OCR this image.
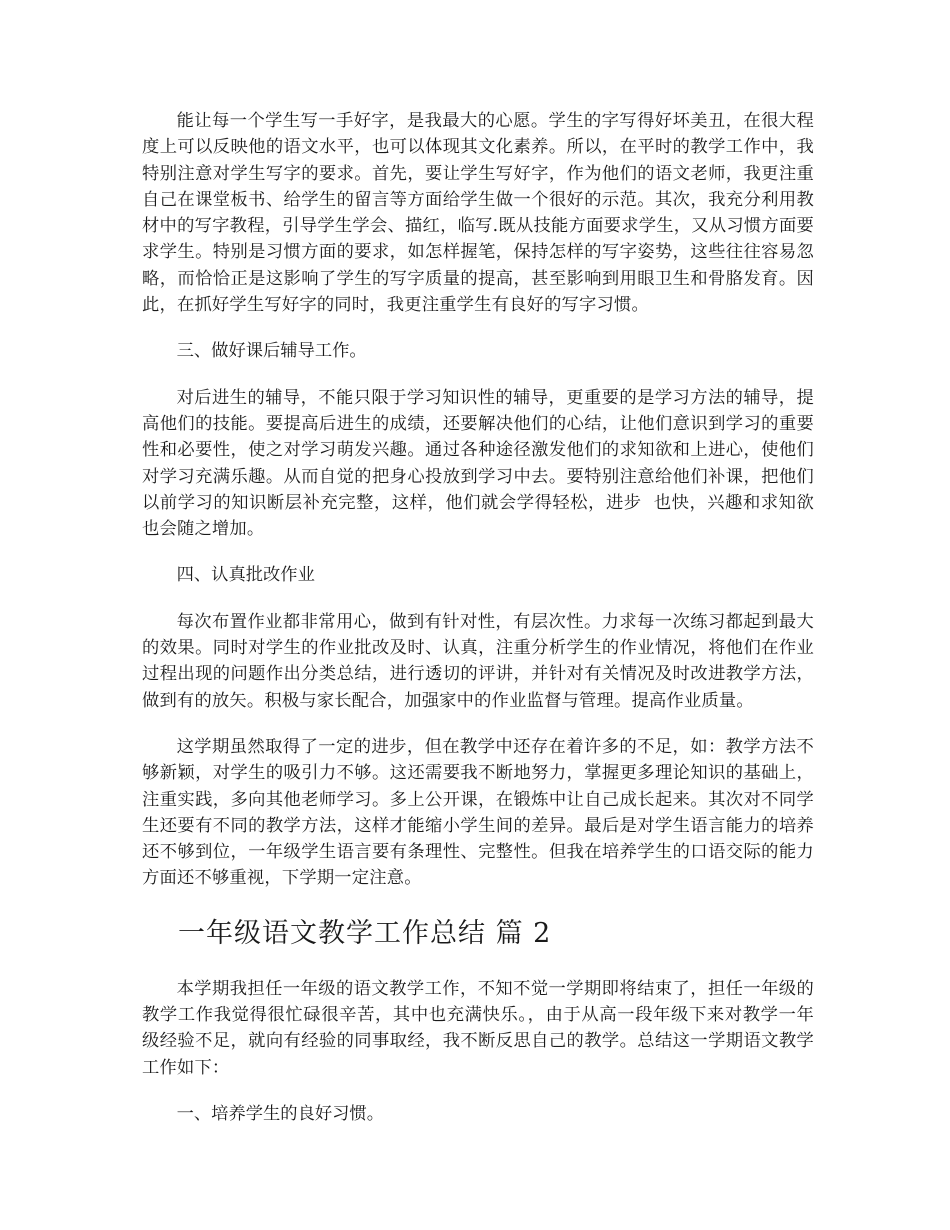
能让每一个学生写一手好字，是我最大的心愿。学生的字写得好坏美丑，在很大程度上可以反映他的语文水平，也可以体现其文化素养。所以，在平时的教学工作中，我特别注意对学生写字的要求。首先，要让学生写好字，作为他们的语文老师，我更注重自己在课堂板书、给学生的留言等方面给学生做一个很好的示范。其次，我充分利用教材中的写字教程，引导学生学会、描红，临写.既从技能方面要求学生，又从习惯方面要求学生。特别是习惯方面的要求，如怎样握笔，保持怎样的写字姿势，这些往往容易忽略，而恰恰正是这影响了学生的写字质量的提高，甚至影响到用眼卫生和骨胳发育。因此，在抓好学生写好字的同时，我更注重学生有良好的写字习惯。

三、做好课后辅导工作。

对后进生的辅导，不能只限于学习知识性的辅导，更重要的是学习方法的辅导，提高他们的技能。要提高后进生的成绩，还要解决他们的心结，让他们意识到学习的重要性和必要性，使之对学习萌发兴趣。通过各种途径激发他们的求知欲和上进心，使他们对学习充满乐趣。从而自觉的把身心投放到学习中去。要特别注意给他们补课，把他们以前学习的知识断层补充完整，这样，他们就会学得轻松，进步  也快，兴趣和求知欲也会随之增加。

四、认真批改作业

每次布置作业都非常用心，做到有针对性，有层次性。力求每一次练习都起到最大的效果。同时对学生的作业批改及时、认真，注重分析学生的作业情况，将他们在作业过程出现的问题作出分类总结，进行透切的评讲，并针对有关情况及时改进教学方法，做到有的放矢。积极与家长配合，加强家中的作业监督与管理。提高作业质量。

这学期虽然取得了一定的进步，但在教学中还存在着许多的不足，如：教学方法不够新颖，对学生的吸引力不够。这还需要我不断地努力，掌握更多理论知识的基础上，注重实践，多向其他老师学习。多上公开课，在锻炼中让自己成长起来。其次对不同学生还要有不同的教学方法，这样才能缩小学生间的差异。最后是对学生语言能力的培养还不够到位，一年级学生语言要有条理性、完整性。但我在培养学生的口语交际的能力方面还不够重视，下学期一定注意。

一年级语文教学工作总结 篇 2

本学期我担任一年级的语文教学工作，不知不觉一学期即将结束了，担任一年级的教学工作我觉得很忙碌很辛苦，其中也充满快乐。，由于从高一段年级下来对教学一年级经验不足，就向有经验的同事取经，我不断反思自己的教学。总结这一学期语文教学工作如下：

一、培养学生的良好习惯。
